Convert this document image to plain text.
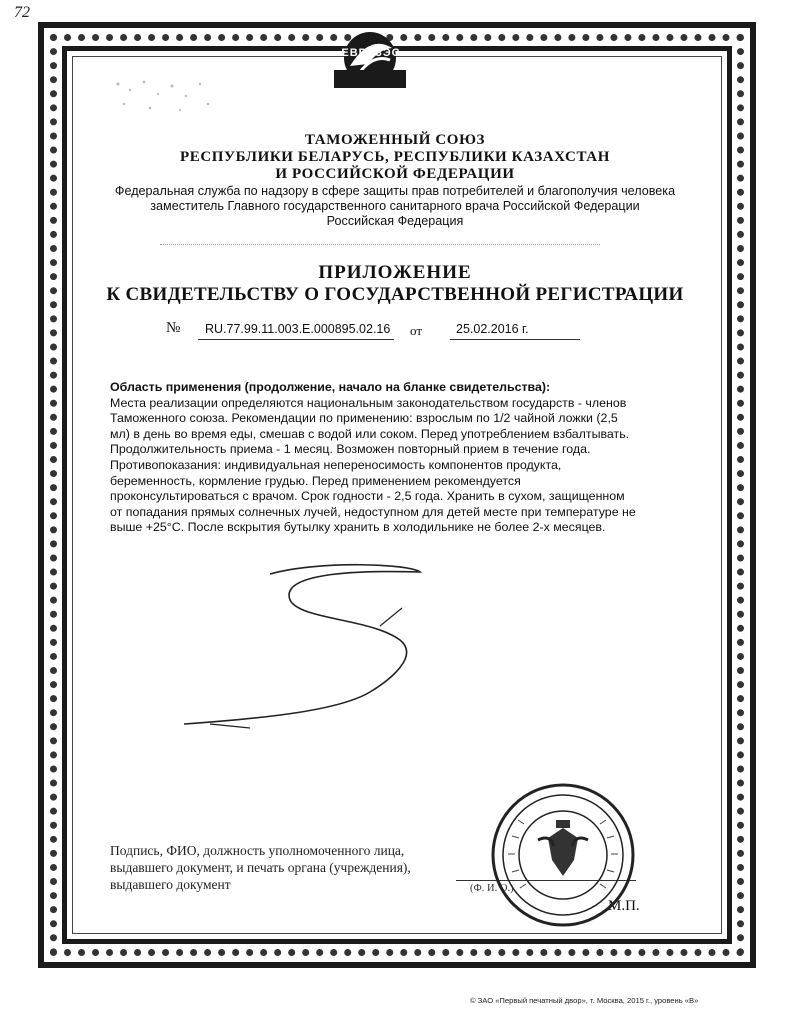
72
ЕВРАЗЭС
ТАМОЖЕННЫЙ СОЮЗ
РЕСПУБЛИКИ БЕЛАРУСЬ, РЕСПУБЛИКИ КАЗАХСТАН
И РОССИЙСКОЙ ФЕДЕРАЦИИ
Федеральная служба по надзору в сфере защиты прав потребителей и благополучия человека
заместитель Главного государственного санитарного врача Российской Федерации
Российская Федерация
ПРИЛОЖЕНИЕ
К СВИДЕТЕЛЬСТВУ О ГОСУДАРСТВЕННОЙ РЕГИСТРАЦИИ
№ RU.77.99.11.003.E.000895.02.16 от	25.02.2016 г.

Область применения (продолжение, начало на бланке свидетельства):

Места реализации определяются национальным законодательством государств - членов Таможенного союза. Рекомендации по применению: взрослым по 1/2 чайной ложки (2,5 мл) в день во время еды, смешав с водой или соком. Перед употреблением взбалтывать. Продолжительность приема - 1 месяц. Возможен повторный прием в течение года. Противопоказания: индивидуальная непереносимость компонентов продукта, беременность, кормление грудью. Перед применением рекомендуется проконсультироваться с врачом. Срок годности - 2,5 года. Хранить в сухом, защищенном от попадания прямых солнечных лучей, недоступном для детей месте при температуре не выше +25°C. После вскрытия бутылку хранить в холодильнике не более 2-х месяцев.

Подпись, ФИО, должность уполномоченного лица, выдавшего документ, и печать органа (учреждения), выдавшего документ	(Ф. И. О.)
М.П.
© ЗАО «Первый печатный двор», т. Москва, 2015 г., уровень «В»
